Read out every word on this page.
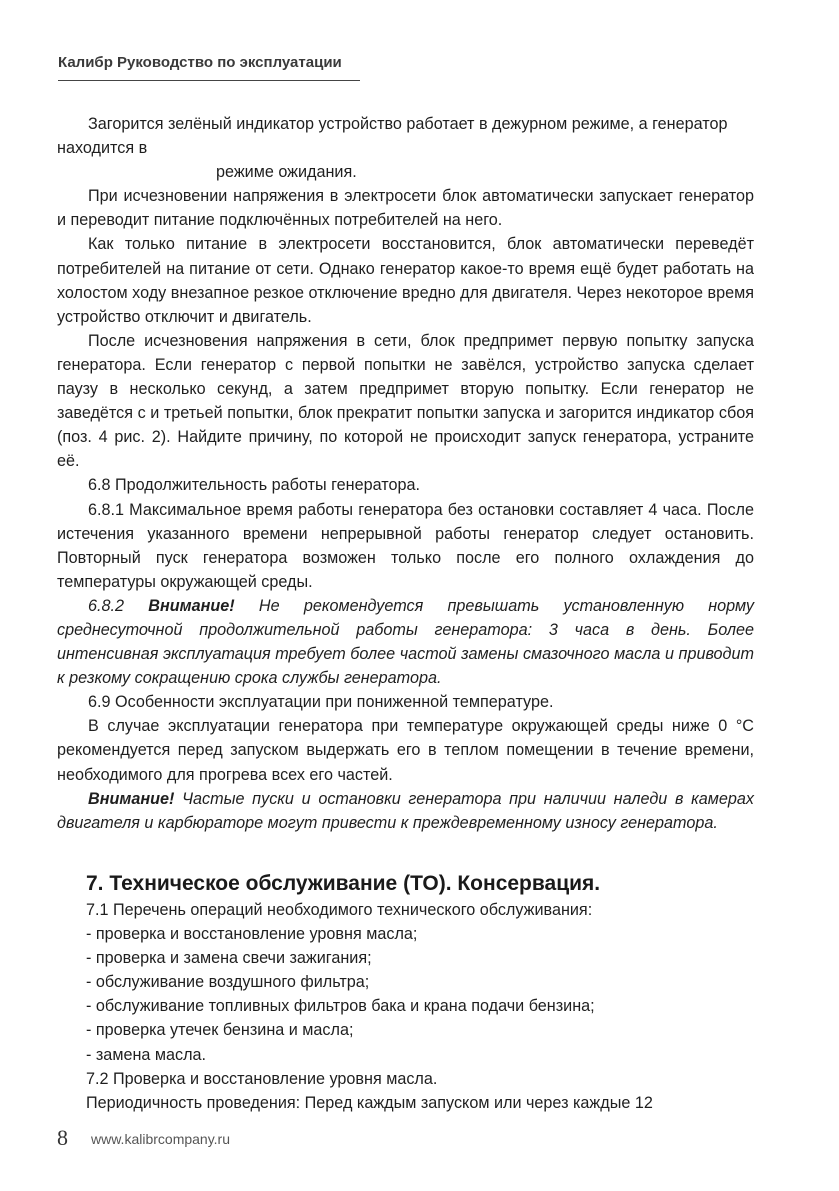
Калибр Руководство по эксплуатации

Загорится зелёный индикатор устройство работает в дежурном режиме, а генератор находится в

режиме ожидания.

При исчезновении напряжения в электросети блок автоматически запускает генератор и переводит питание подключённых потребителей на него.

Как только питание в электросети восстановится, блок автоматически переведёт потребителей на питание от сети. Однако генератор какое-то время ещё будет работать на холостом ходу внезапное резкое отключение вредно для двигателя. Через некоторое время устройство отключит и двигатель.

После исчезновения напряжения в сети, блок предпримет первую попытку запуска генератора. Если генератор с первой попытки не завёлся, устройство запуска сделает паузу в несколько секунд, а затем предпримет вторую попытку. Если генератор не заведётся с и третьей попытки, блок прекратит попытки запуска и загорится индикатор сбоя (поз. 4 рис. 2). Найдите причину, по которой не происходит запуск генератора, устраните её.

6.8 Продолжительность работы генератора.

6.8.1 Максимальное время работы генератора без остановки составляет 4 часа. После истечения указанного времени непрерывной работы генератор следует остановить. Повторный пуск генератора возможен только после его полного охлаждения до температуры окружающей среды.

6.8.2 Внимание! Не рекомендуется превышать установленную норму среднесуточной продолжительной работы генератора: 3 часа в день. Более интенсивная эксплуатация требует более частой замены смазочного масла и приводит к резкому сокращению срока службы генератора.

6.9 Особенности эксплуатации при пониженной температуре.

В случае эксплуатации генератора при температуре окружающей среды ниже 0 °C рекомендуется перед запуском выдержать его в теплом помещении в течение времени, необходимого для прогрева всех его частей.

Внимание! Частые пуски и остановки генератора при наличии наледи в камерах двигателя и карбюраторе могут привести к преждевременному износу генератора.

7. Техническое обслуживание (ТО). Консервация.

7.1 Перечень операций необходимого технического обслуживания:

- проверка и восстановление уровня масла;

- проверка и замена свечи зажигания;

- обслуживание воздушного фильтра;

- обслуживание топливных фильтров бака и крана подачи бензина;

- проверка утечек бензина и масла;

- замена масла.

7.2 Проверка и восстановление уровня масла.

Периодичность проведения: Перед каждым запуском или через каждые 12

8 www.kalibrcompany.ru
